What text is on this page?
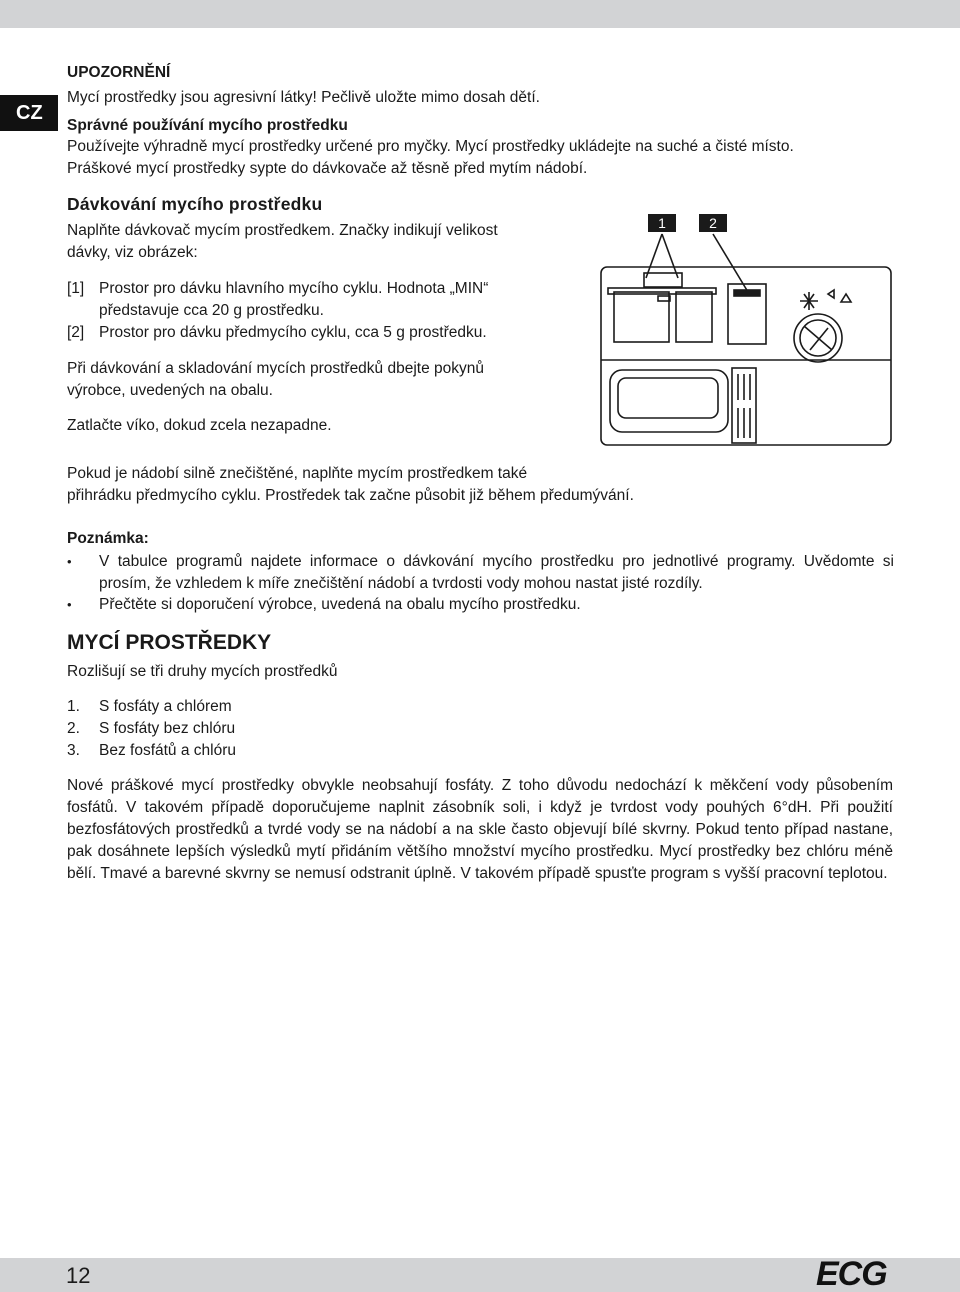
CZ
UPOZORNĚNÍ
Mycí prostředky jsou agresivní látky! Pečlivě uložte mimo dosah dětí.
Správné používání mycího prostředku
Používejte výhradně mycí prostředky určené pro myčky. Mycí prostředky ukládejte na suché a čisté místo.
Práškové mycí prostředky sypte do dávkovače až těsně před mytím nádobí.
Dávkování mycího prostředku
Naplňte dávkovač mycím prostředkem. Značky indikují velikost
dávky, viz obrázek:
[1] Prostor pro dávku hlavního mycího cyklu. Hodnota „MIN“
představuje cca 20 g prostředku.
[2] Prostor pro dávku předmycího cyklu, cca 5 g prostředku.
Při dávkování a skladování mycích prostředků dbejte pokynů
výrobce, uvedených na obalu.
Zatlačte víko, dokud zcela nezapadne.
Pokud je nádobí silně znečištěné, naplňte mycím prostředkem také
přihrádku předmycího cyklu. Prostředek tak začne působit již během předumývání.
1	2
Poznámka:
• V tabulce programů najdete informace o dávkování mycího prostředku pro jednotlivé programy. Uvědomte si prosím, že vzhledem k míře znečištění nádobí a tvrdosti vody mohou nastat jisté rozdíly.
• Přečtěte si doporučení výrobce, uvedená na obalu mycího prostředku.
MYCÍ PROSTŘEDKY
Rozlišují se tři druhy mycích prostředků
1. S fosfáty a chlórem
2. S fosfáty bez chlóru
3. Bez fosfátů a chlóru
Nové práškové mycí prostředky obvykle neobsahují fosfáty. Z toho důvodu nedochází k měkčení vody působením fosfátů. V takovém případě doporučujeme naplnit zásobník soli, i když je tvrdost vody pouhých 6°dH. Při použití bezfosfátových prostředků a tvrdé vody se na nádobí a na skle často objevují bílé skvrny. Pokud tento případ nastane, pak dosáhnete lepších výsledků mytí přidáním většího množství mycího prostředku. Mycí prostředky bez chlóru méně bělí. Tmavé a barevné skvrny se nemusí odstranit úplně. V takovém případě spusťte program s vyšší pracovní teplotou.
12	ECG
